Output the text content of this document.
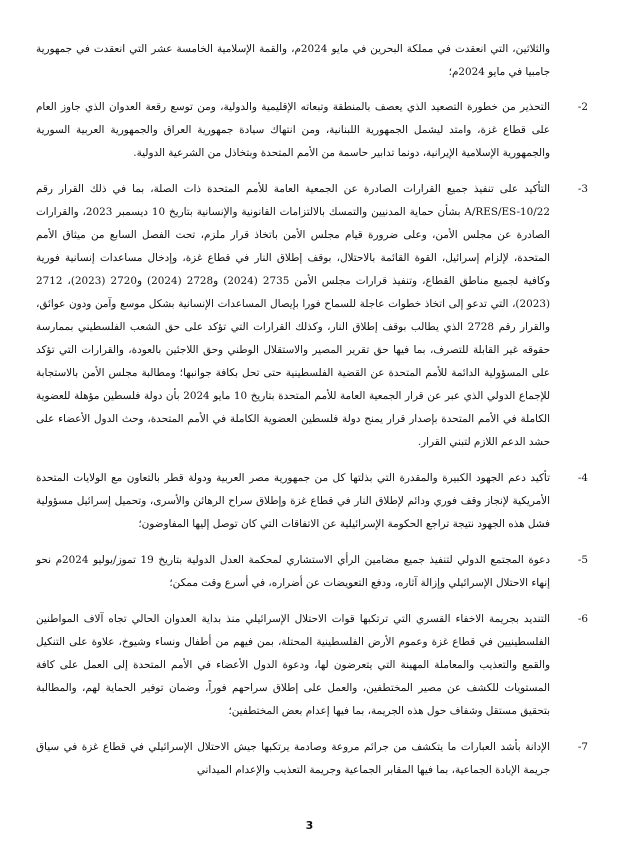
والثلاثين، التي انعقدت في مملكة البحرين في مايو 2024م، والقمة الإسلامية الخامسة عشر التي انعقدت في جمهورية جامبيا في مايو 2024م؛

2-
التحذير من خطورة التصعيد الذي يعصف بالمنطقة وتبعاته الإقليمية والدولية، ومن توسع رقعة العدوان الذي جاوز العام على قطاع غزة، وامتد ليشمل الجمهورية اللبنانية، ومن انتهاك سيادة جمهورية العراق والجمهورية العربية السورية والجمهورية الإسلامية الإيرانية، دونما تدابير حاسمة من الأمم المتحدة وبتخاذل من الشرعية الدولية.
3-
التأكيد على تنفيذ جميع القرارات الصادرة عن الجمعية العامة للأمم المتحدة ذات الصلة، بما في ذلك القرار رقم A/RES/ES-10/22 بشأن حماية المدنيين والتمسك بالالتزامات القانونية والإنسانية بتاريخ 10 ديسمبر 2023، والقرارات الصادرة عن مجلس الأمن، وعلى ضرورة قيام مجلس الأمن باتخاذ قرار ملزم، تحت الفصل السابع من ميثاق الأمم المتحدة، لإلزام إسرائيل، القوة القائمة بالاحتلال، بوقف إطلاق النار في قطاع غزة، وإدخال مساعدات إنسانية فورية وكافية لجميع مناطق القطاع، وتنفيذ قرارات مجلس الأمن 2735 (2024) و2728 (2024) و2720 (2023)، 2712 (2023)، التي تدعو إلى اتخاذ خطوات عاجلة للسماح فورا بإيصال المساعدات الإنسانية بشكل موسع وآمن ودون عوائق، والقرار رقم 2728 الذي يطالب بوقف إطلاق النار، وكذلك القرارات التي تؤكد على حق الشعب الفلسطيني بممارسة حقوقه غير القابلة للتصرف، بما فيها حق تقرير المصير والاستقلال الوطني وحق اللاجئين بالعودة، والقرارات التي تؤكد على المسؤولية الدائمة للأمم المتحدة عن القضية الفلسطينية حتى تحل بكافة جوانبها؛ ومطالبة مجلس الأمن بالاستجابة للإجماع الدولي الذي عبر عن قرار الجمعية العامة للأمم المتحدة بتاريخ 10 مايو 2024 بأن دولة فلسطين مؤهلة للعضوية الكاملة في الأمم المتحدة بإصدار قرار يمنح دولة فلسطين العضوية الكاملة في الأمم المتحدة، وحث الدول الأعضاء على حشد الدعم اللازم لتبني القرار.
4-
تأكيد دعم الجهود الكبيرة والمقدرة التي بذلتها كل من جمهورية مصر العربية ودولة قطر بالتعاون مع الولايات المتحدة الأمريكية لإنجاز وقف فوري ودائم لإطلاق النار في قطاع غزة وإطلاق سراح الرهائن والأسرى، وتحميل إسرائيل مسؤولية فشل هذه الجهود نتيجة تراجع الحكومة الإسرائيلية عن الاتفاقات التي كان توصل إليها المفاوضون؛
5-
دعوة المجتمع الدولي لتنفيذ جميع مضامين الرأي الاستشاري لمحكمة العدل الدولية بتاريخ 19 تموز/يوليو 2024م نحو إنهاء الاحتلال الإسرائيلي وإزالة آثاره، ودفع التعويضات عن أضراره، في أسرع وقت ممكن؛
6-
التنديد بجريمة الاخفاء القسري التي ترتكبها قوات الاحتلال الإسرائيلي منذ بداية العدوان الحالي تجاه آلاف المواطنين الفلسطينيين في قطاع غزة وعموم الأرض الفلسطينية المحتلة، بمن فيهم من أطفال ونساء وشيوخ، علاوة على التنكيل والقمع والتعذيب والمعاملة المهينة التي يتعرضون لها، ودعوة الدول الأعضاء في الأمم المتحدة إلى العمل على كافة المستويات للكشف عن مصير المختطفين، والعمل على إطلاق سراحهم فوراً، وضمان توفير الحماية لهم، والمطالبة بتحقيق مستقل وشفاف حول هذه الجريمة، بما فيها إعدام بعض المختطفين؛
7-
الإدانة بأشد العبارات ما يتكشف من جرائم مروعة وصادمة يرتكبها جيش الاحتلال الإسرائيلي في قطاع غزة في سياق جريمة الإبادة الجماعية، بما فيها المقابر الجماعية وجريمة التعذيب والإعدام الميداني
3
